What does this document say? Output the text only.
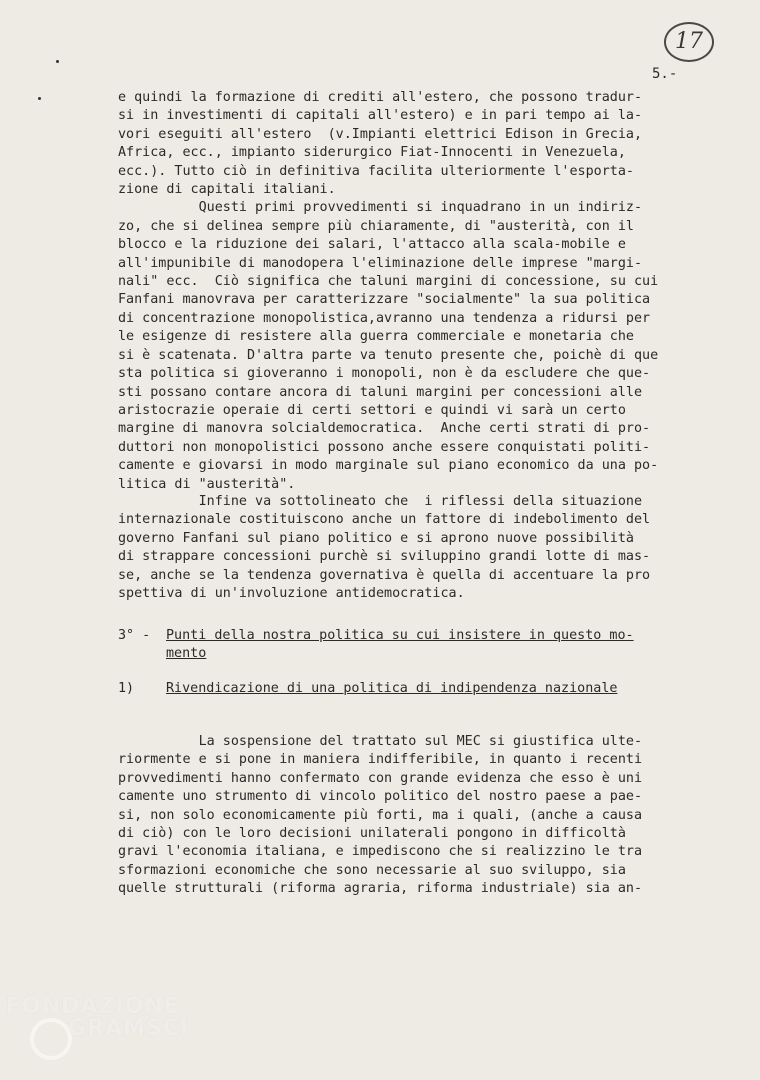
17
5.-
e quindi la formazione di crediti all'estero, che possono tradur-
si in investimenti di capitali all'estero) e in pari tempo ai la-
vori eseguiti all'estero  (v.Impianti elettrici Edison in Grecia,
Africa, ecc., impianto siderurgico Fiat-Innocenti in Venezuela,
ecc.). Tutto ciò in definitiva facilita ulteriormente l'esporta-
zione di capitali italiani.
Questi primi provvedimenti si inquadrano in un indiriz-
zo, che si delinea sempre più chiaramente, di "austerità, con il
blocco e la riduzione dei salari, l'attacco alla scala-mobile e
all'impunibile di manodopera l'eliminazione delle imprese "margi-
nali" ecc.  Ciò significa che taluni margini di concessione, su cui
Fanfani manovrava per caratterizzare "socialmente" la sua politica
di concentrazione monopolistica,avranno una tendenza a ridursi per
le esigenze di resistere alla guerra commerciale e monetaria che
si è scatenata. D'altra parte va tenuto presente che, poichè di que
sta politica si gioveranno i monopoli, non è da escludere che que-
sti possano contare ancora di taluni margini per concessioni alle
aristocrazie operaie di certi settori e quindi vi sarà un certo
margine di manovra solcialdemocratica.  Anche certi strati di pro-
duttori non monopolistici possono anche essere conquistati politi-
camente e giovarsi in modo marginale sul piano economico da una po-
litica di "austerità".
Infine va sottolineato che  i riflessi della situazione
internazionale costituiscono anche un fattore di indebolimento del
governo Fanfani sul piano politico e si aprono nuove possibilità
di strappare concessioni purchè si sviluppino grandi lotte di mas-
se, anche se la tendenza governativa è quella di accentuare la pro
spettiva di un'involuzione antidemocratica.
3° - Punti della nostra politica su cui insistere in questo mo-
mento
1) Rivendicazione di una politica di indipendenza nazionale
La sospensione del trattato sul MEC si giustifica ulte-
riormente e si pone in maniera indifferibile, in quanto i recenti
provvedimenti hanno confermato con grande evidenza che esso è uni
camente uno strumento di vincolo politico del nostro paese a pae-
si, non solo economicamente più forti, ma i quali, (anche a causa
di ciò) con le loro decisioni unilaterali pongono in difficoltà
gravi l'economia italiana, e impediscono che si realizzino le tra
sformazioni economiche che sono necessarie al suo sviluppo, sia
quelle strutturali (riforma agraria, riforma industriale) sia an-
FONDAZIONE
GRAMSCI
